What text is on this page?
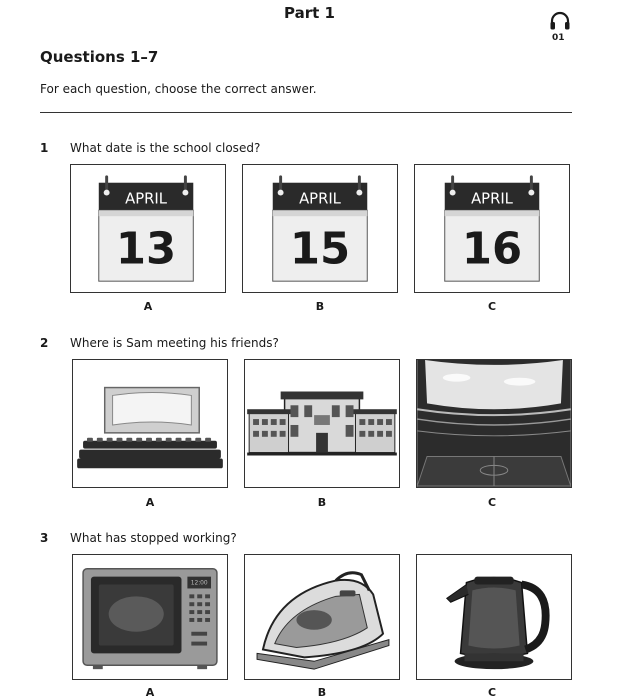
Part 1
01
Questions 1–7
For each question, choose the correct answer.
1 What date is the school closed?
APRIL
13
A
APRIL
15
B
APRIL
16
C
2 Where is Sam meeting his friends?
A	B	C
3 What has stopped working?
12:00
A	B	C
